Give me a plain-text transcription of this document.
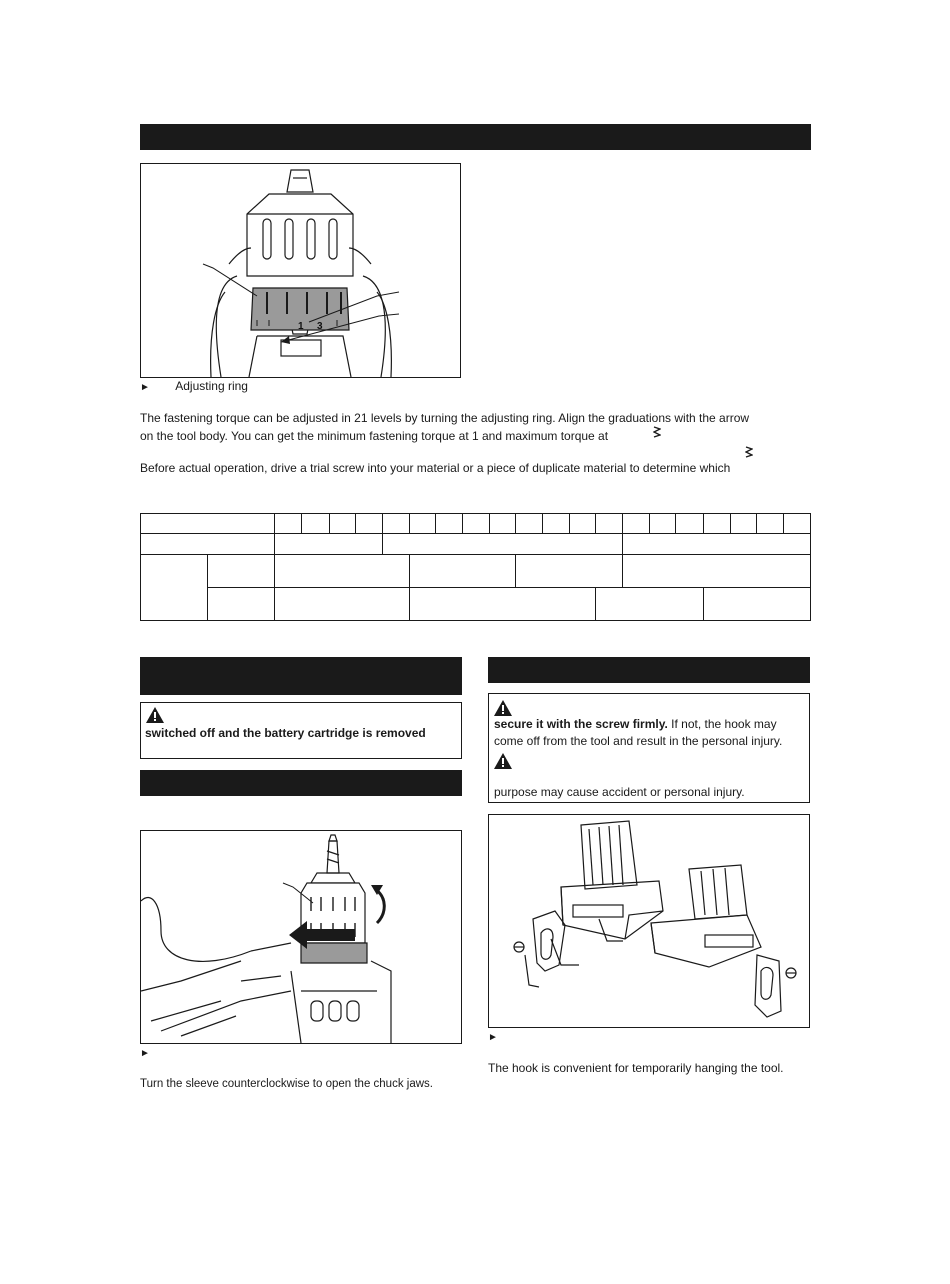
1 3
► Adjusting ring
The fastening torque can be adjusted in 21 levels by turning the adjusting ring. Align the graduations with the arrow
on the tool body. You can get the minimum fastening torque at 1 and maximum torque at
Before actual operation, drive a trial screw into your material or a piece of duplicate material to determine which

switched off and the battery cartridge is removed
►
Turn the sleeve counterclockwise to open the chuck jaws.
secure it with the screw firmly. If not, the hook may
come off from the tool and result in the personal injury.
purpose may cause accident or personal injury.
►
The hook is convenient for temporarily hanging the tool.
